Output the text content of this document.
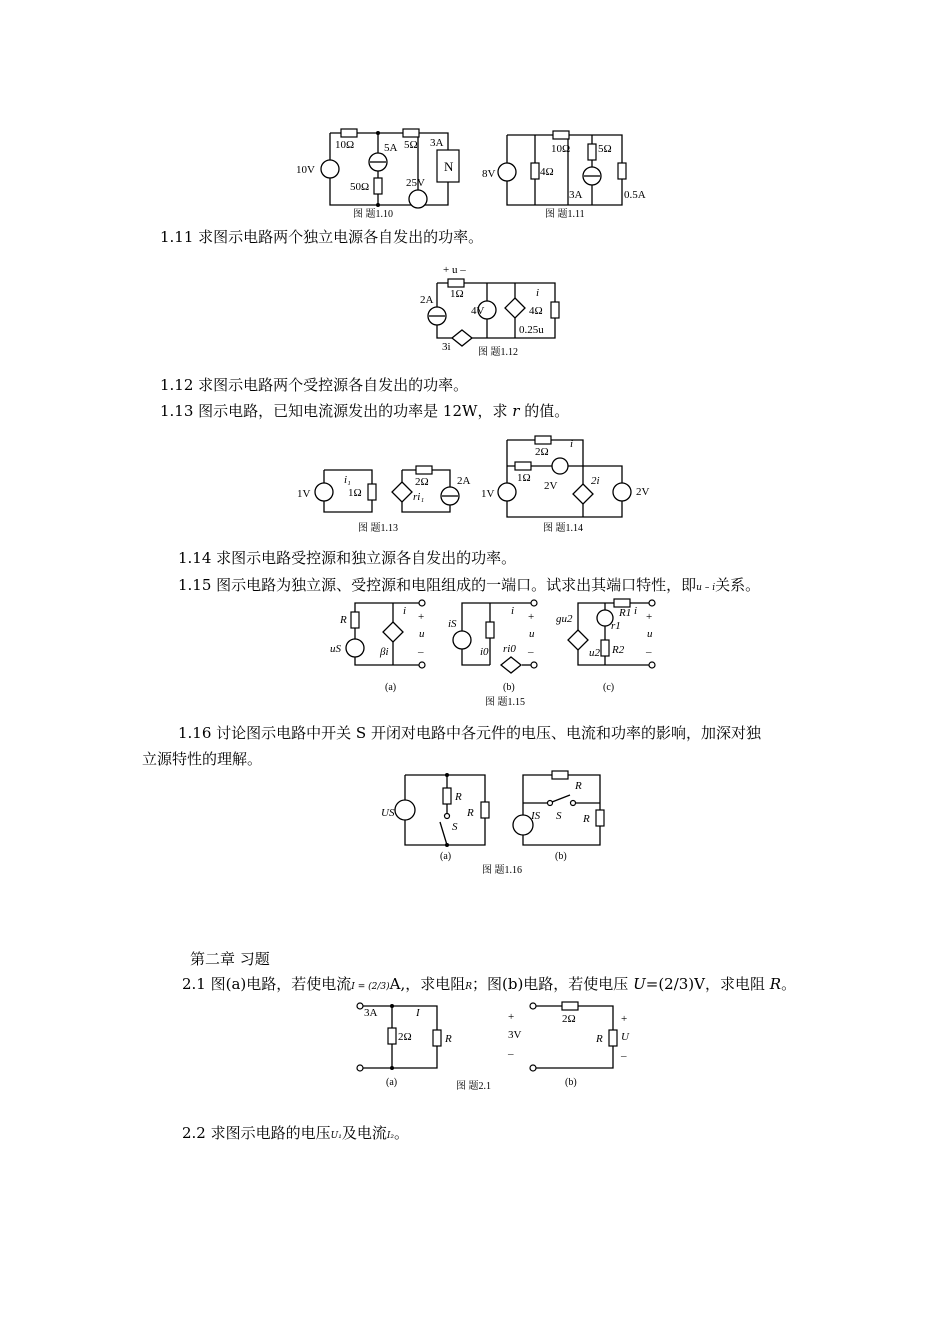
10Ω	5Ω 3A
5A
10V
50Ω	25V
N
图 题1.10
8V	4Ω
10Ω	5Ω
3A	0.5A
图 题1.11
+ u –
1Ω
2A
4V
i
4Ω
0.25u
3i	图 题1.12
1V
i₁
1Ω
2Ω
ri₁
2A
图 题1.13
2Ω
i
1Ω
2V
1V
2i
2V
图 题1.14
R
uS	βi
i +
u
–
iS
i0 ri0
i +
u
–
gu2	R1 i
r1
u2 R2
+
u
–
(a)	(b)	(c)
图 题1.15
US
R
S
R
R
IS S R
(a)	(b)
图 题1.16
3A
2Ω
I
R
+
3V
–
2Ω
R
+
U
–
(a)	(b)
图 题2.1
1.11 求图示电路两个独立电源各自发出的功率。
1.12 求图示电路两个受控源各自发出的功率。
1.13 图示电路，已知电流源发出的功率是 12W，求 r 的值。
1.14 求图示电路受控源和独立源各自发出的功率。
1.15 图示电路为独立源、受控源和电阻组成的一端口。试求出其端口特性，即u – i关系。
1.16 讨论图示电路中开关 S 开闭对电路中各元件的电压、电流和功率的影响，加深对独
立源特性的理解。
第二章 习题
2.1 图(a)电路，若使电流I = (2/3)A,，求电阻R；图(b)电路，若使电压 U=(2/3)V，求电阻 R。
2.2 求图示电路的电压U₁及电流I₂。
